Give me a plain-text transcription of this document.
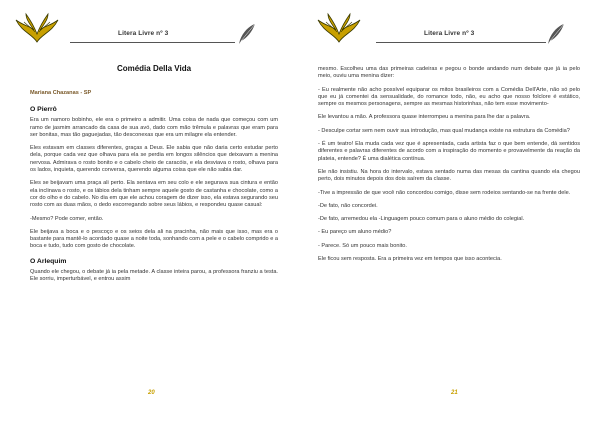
Litera Livre nº 3
Comédia Della Vida
Mariana Chazanas - SP
O Pierrô

Era um namoro bobinho, ele era o primeiro a admitir. Uma coisa de nada que começou com um ramo de jasmim arrancado da casa de sua avó, dado com mão trêmula e palavras que eram para ser bonitas, mas tão gaguejadas, tão desconexas que era um milagre ela entender.

Eles estavam em classes diferentes, graças a Deus. Ele sabia que não daria certo estudar perto dela, porque cada vez que olhava para ela se perdia em longos silêncios que deixavam a menina nervosa. Admirava o rosto bonito e o cabelo cheio de caracóis, e ela desviava o rosto, olhava para os lados, inquieta, querendo conversa, querendo alguma coisa que ele não sabia dar.

Eles se beijavam uma praça ali perto. Ela sentava em seu colo e ele segurava sua cintura e então ela inclinava o rosto, e os lábios dela tinham sempre aquele gosto de castanha e chocolate, como a cor do olho e do cabelo. No dia em que ele achou coragem de dizer isso, ela estava segurando seu rosto com as duas mãos, o dedo escorregando sobre seus lábios, e respondeu quase casual:

-Mesmo? Pode comer, então.

Ele beijava a boca e o pescoço e os seios dela ali na pracinha, não mais que isso, mas era o bastante para mantê-lo acordado quase a noite toda, sonhando com a pele e o cabelo comprido e a boca e tudo, tudo com gosto de chocolate.

O Arlequim

Quando ele chegou, o debate já ia pela metade. A classe inteira parou, a professora franziu a testa. Ele sorriu, imperturbável, e entrou assim

20
Litera Livre nº 3

mesmo. Escolheu uma das primeiras cadeiras e pegou o bonde andando num debate que já ia pelo meio, ouviu uma menina dizer:

- Eu realmente não acho possível equiparar os mitos brasileiros com a Comédia Dell'Arte, não só pelo que eu já comentei da sensualidade, do romance todo, não, eu acho que nosso folclore é estático, sempre os mesmos personagens, sempre as mesmas historinhas, não tem esse movimento-

Ele levantou a mão. A professora quase interrompeu a menina para lhe dar a palavra.

- Desculpe cortar sem nem ouvir sua introdução, mas qual mudança existe na estrutura da Comédia?

- É um teatro! Ela muda cada vez que é apresentada, cada artista faz o que bem entende, dá sentidos diferentes e palavras diferentes de acordo com a inspiração do momento e provavelmente da reação da plateia, entende? É uma dialética contínua.

Ele não insistiu. Na hora do intervalo, estava sentado numa das mesas da cantina quando ela chegou perto, dois minutos depois dos dois saírem da classe.

-Tive a impressão de que você não concordou comigo, disse sem rodeios sentando-se na frente dele.

-De fato, não concordei.

-De fato, arremedou ela -Linguagem pouco comum para o aluno médio do colegial.

- Eu pareço um aluno médio?

- Parece. Só um pouco mais bonito.

Ele ficou sem resposta. Era a primeira vez em tempos que isso acontecia.

21
